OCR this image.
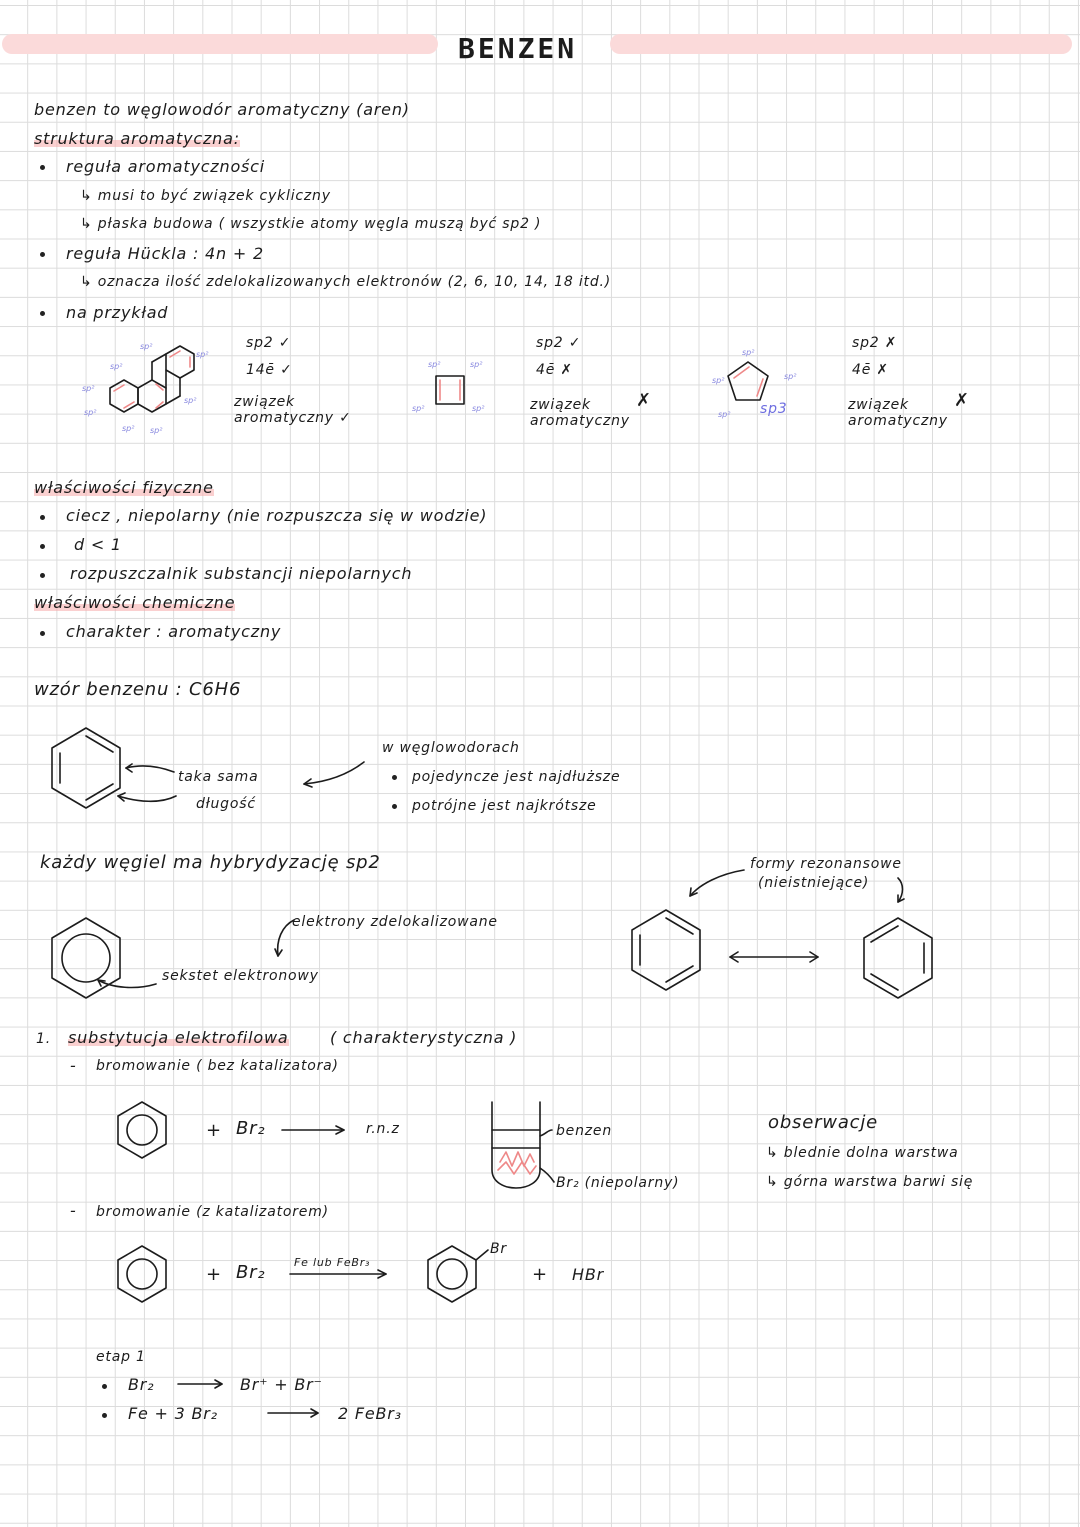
BENZEN
benzen to węglowodór aromatyczny (aren)
struktura aromatyczna:
reguła aromatyczności
↳ musi to być związek cykliczny
↳ płaska budowa ( wszystkie atomy węgla muszą być sp2 )
reguła Hückla : 4n + 2
↳ oznacza ilość zdelokalizowanych elektronów (2, 6, 10, 14, 18 itd.)
na przykład
sp2 ✓
14ē ✓
związek
aromatyczny ✓
sp2 ✓
4ē ✗
związek
aromatyczny
✗
sp2 ✗
4ē ✗
związek
aromatyczny
✗
sp²
sp²
sp²
sp²
sp²
sp² sp²
sp²
sp²	sp²
sp²	sp²
sp²
sp²	sp²
sp² sp3
właściwości fizyczne
ciecz , niepolarny (nie rozpuszcza się w wodzie)
d < 1
rozpuszczalnik substancji niepolarnych
właściwości chemiczne
charakter : aromatyczny
wzór benzenu : C6H6
taka sama
długość
w węglowodorach
pojedyncze jest najdłuższe
potrójne jest najkrótsze
każdy węgiel ma hybrydyzację sp2
elektrony zdelokalizowane
sekstet elektronowy
formy rezonansowe
(nieistniejące)
1. substytucja elektrofilowa	( charakterystyczna )
- bromowanie ( bez katalizatora)
+ Br₂	r.n.z	benzen
Br₂ (niepolarny)
obserwacje
↳ blednie dolna warstwa
↳ górna warstwa barwi się
- bromowanie (z katalizatorem)
+ Br₂	Fe lub FeBr₃
Br
+ HBr
etap 1
Br₂	Br⁺ + Br⁻
Fe + 3 Br₂	2 FeBr₃
